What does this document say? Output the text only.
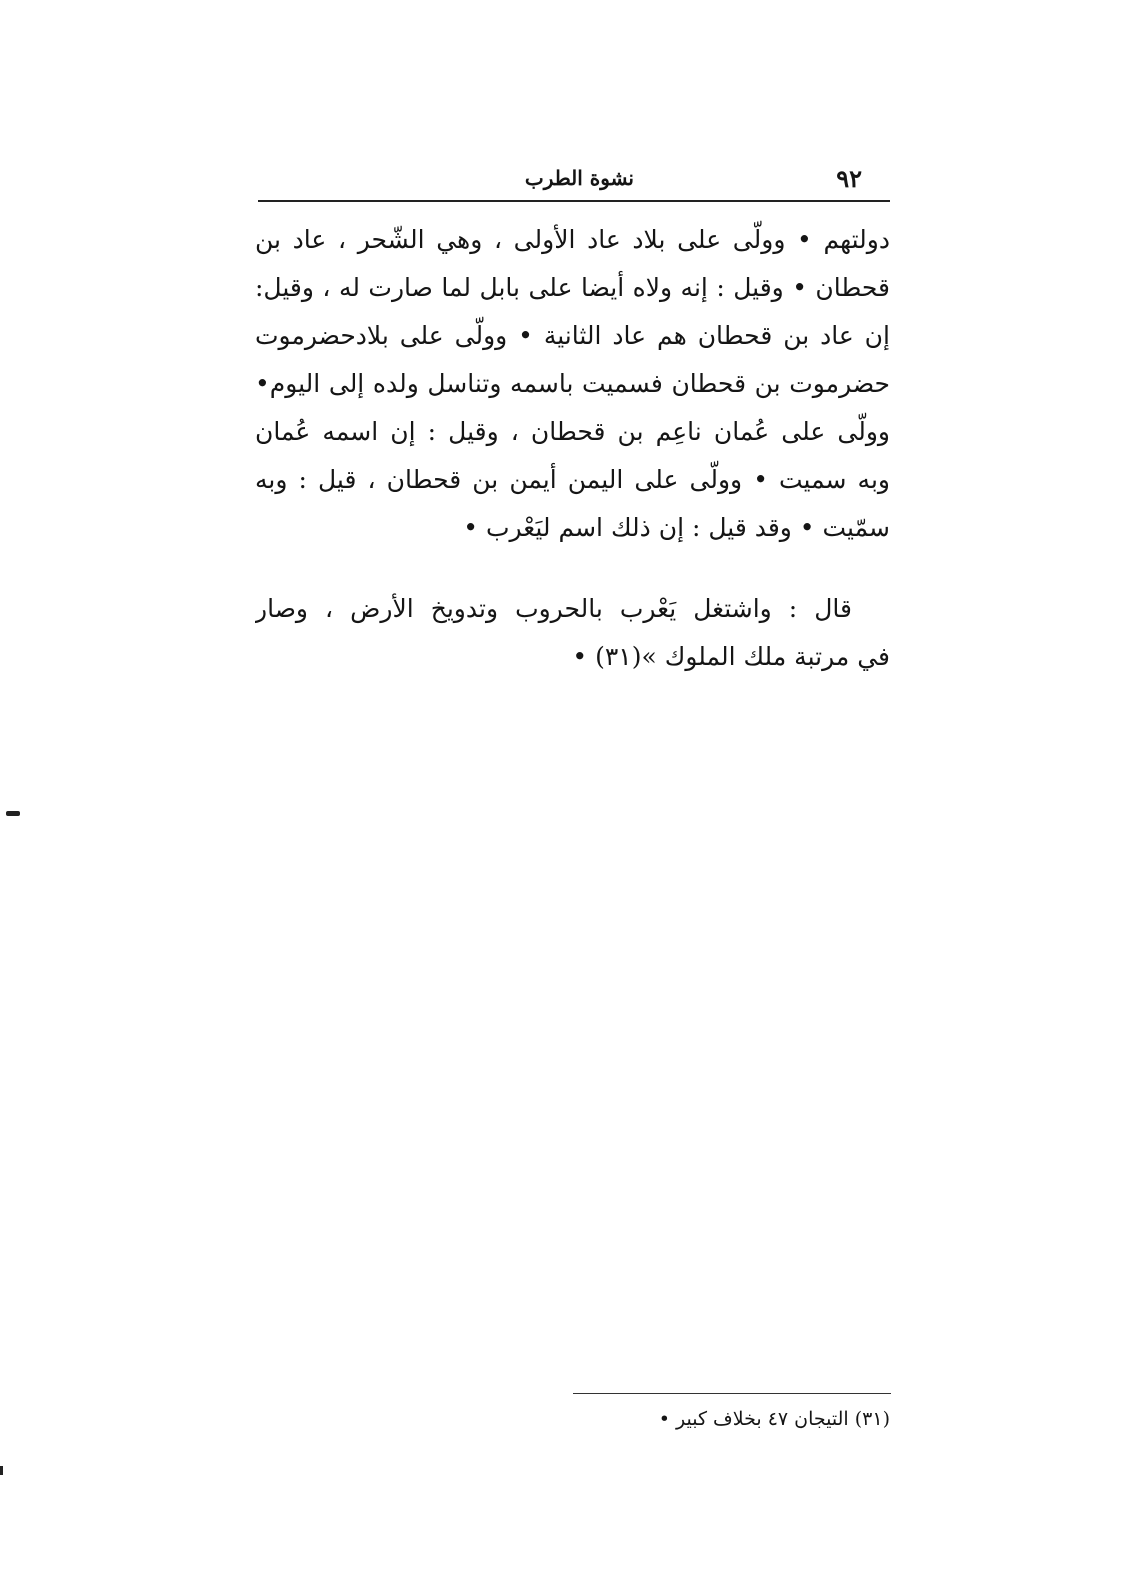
٩٢
نشوة الطرب
دولتهم • وولّى على بلاد عاد الأولى ، وهي الشّحر ، عاد بن
قحطان • وقيل : إنه ولاه أيضا على بابل لما صارت له ، وقيل:
إن عاد بن قحطان هم عاد الثانية • وولّى على بلادحضرموت
حضرموت بن قحطان فسميت باسمه وتناسل ولده إلى اليوم•
وولّى على عُمان ناعِم بن قحطان ، وقيل : إن اسمه عُمان
وبه سميت • وولّى على اليمن أيمن بن قحطان ، قيل : وبه
سمّيت • وقد قيل : إن ذلك اسم ليَعْرب •
قال : واشتغل يَعْرب بالحروب وتدويخ الأرض ، وصار
في مرتبة ملك الملوك »(٣١) •
(٣١) التيجان ٤٧ بخلاف كبير •
